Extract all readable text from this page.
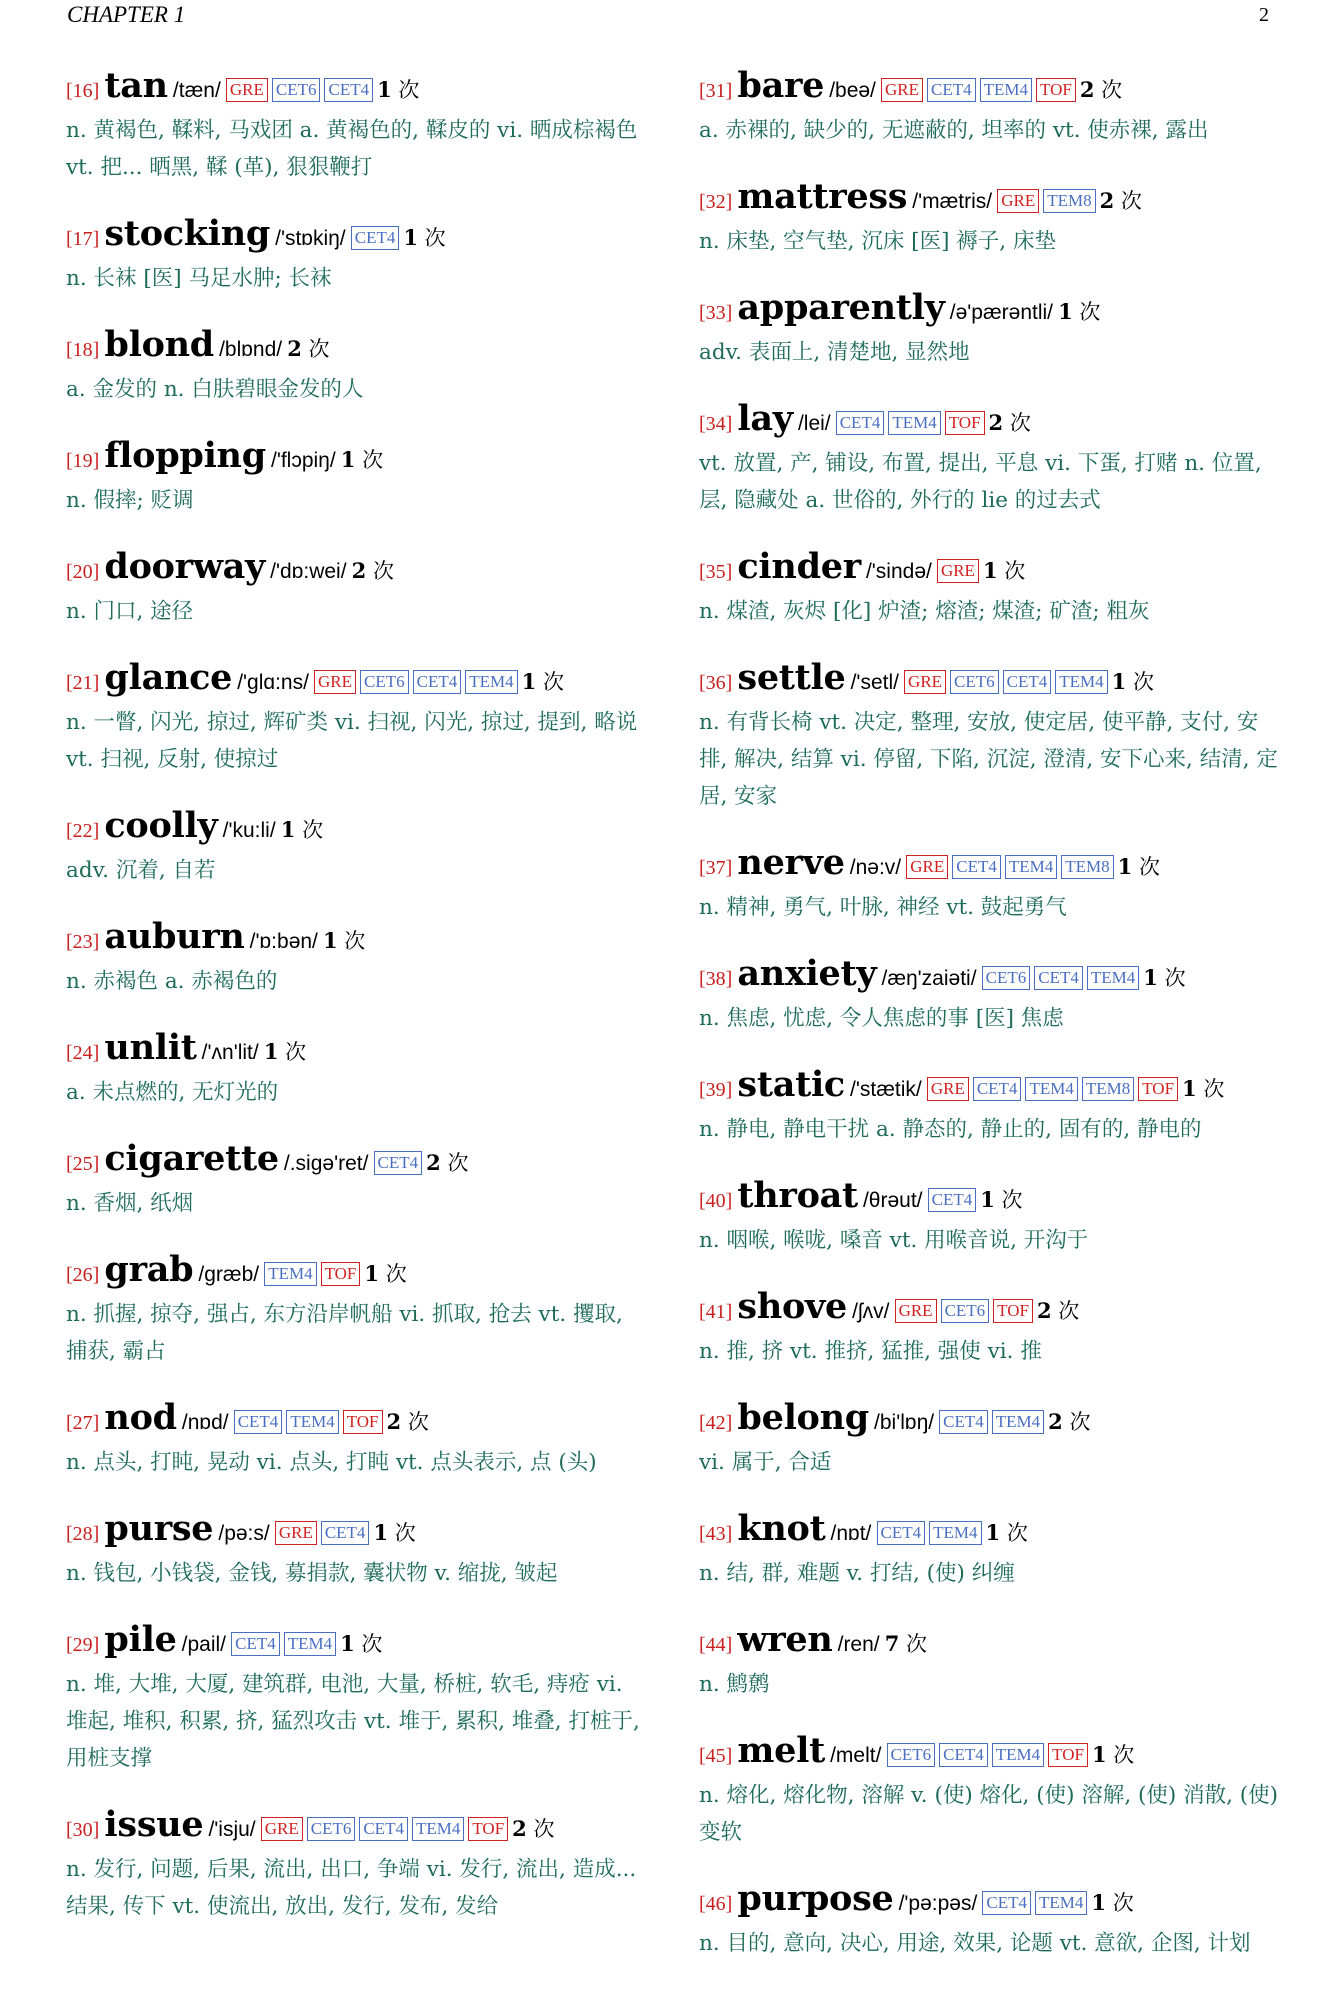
CHAPTER 1	2
[16] tan /tæn/ GRE CET6 CET4 1 次
n. 黄褐色, 鞣料, 马戏团 a. 黄褐色的, 鞣皮的 vi. 晒成棕褐色 vt. 把... 晒黑, 鞣 (革), 狠狠鞭打
[17] stocking /'stɒkiŋ/ CET4 1 次
n. 长袜 [医] 马足水肿; 长袜
[18] blond /blɒnd/ 2 次
a. 金发的 n. 白肤碧眼金发的人
[19] flopping /'flɔpiŋ/ 1 次
n. 假摔; 贬调
[20] doorway /'dɒ:wei/ 2 次
n. 门口, 途径
[21] glance /'glɑ:ns/ GRE CET6 CET4 TEM4 1 次
n. 一瞥, 闪光, 掠过, 辉矿类 vi. 扫视, 闪光, 掠过, 提到, 略说 vt. 扫视, 反射, 使掠过
[22] coolly /'ku:li/ 1 次
adv. 沉着, 自若
[23] auburn /'ɒ:bən/ 1 次
n. 赤褐色 a. 赤褐色的
[24] unlit /'ʌn'lit/ 1 次
a. 未点燃的, 无灯光的
[25] cigarette /.sigə'ret/ CET4 2 次
n. 香烟, 纸烟
[26] grab /græb/ TEM4 TOF 1 次
n. 抓握, 掠夺, 强占, 东方沿岸帆船 vi. 抓取, 抢去 vt. 攫取, 捕获, 霸占
[27] nod /nɒd/ CET4 TEM4 TOF 2 次
n. 点头, 打盹, 晃动 vi. 点头, 打盹 vt. 点头表示, 点 (头)
[28] purse /pə:s/ GRE CET4 1 次
n. 钱包, 小钱袋, 金钱, 募捐款, 囊状物 v. 缩拢, 皱起
[29] pile /pail/ CET4 TEM4 1 次
n. 堆, 大堆, 大厦, 建筑群, 电池, 大量, 桥桩, 软毛, 痔疮 vi. 堆起, 堆积, 积累, 挤, 猛烈攻击 vt. 堆于, 累积, 堆叠, 打桩于, 用桩支撑
[30] issue /'isju/ GRE CET6 CET4 TEM4 TOF 2 次
n. 发行, 问题, 后果, 流出, 出口, 争端 vi. 发行, 流出, 造成... 结果, 传下 vt. 使流出, 放出, 发行, 发布, 发给
[31] bare /beə/ GRE CET4 TEM4 TOF 2 次
a. 赤裸的, 缺少的, 无遮蔽的, 坦率的 vt. 使赤裸, 露出
[32] mattress /'mætris/ GRE TEM8 2 次
n. 床垫, 空气垫, 沉床 [医] 褥子, 床垫
[33] apparently /ə'pærəntli/ 1 次
adv. 表面上, 清楚地, 显然地
[34] lay /lei/ CET4 TEM4 TOF 2 次
vt. 放置, 产, 铺设, 布置, 提出, 平息 vi. 下蛋, 打赌 n. 位置, 层, 隐藏处 a. 世俗的, 外行的 lie 的过去式
[35] cinder /'sində/ GRE 1 次
n. 煤渣, 灰烬 [化] 炉渣; 熔渣; 煤渣; 矿渣; 粗灰
[36] settle /'setl/ GRE CET6 CET4 TEM4 1 次
n. 有背长椅 vt. 决定, 整理, 安放, 使定居, 使平静, 支付, 安排, 解决, 结算 vi. 停留, 下陷, 沉淀, 澄清, 安下心来, 结清, 定居, 安家
[37] nerve /nə:v/ GRE CET4 TEM4 TEM8 1 次
n. 精神, 勇气, 叶脉, 神经 vt. 鼓起勇气
[38] anxiety /æŋ'zaiəti/ CET6 CET4 TEM4 1 次
n. 焦虑, 忧虑, 令人焦虑的事 [医] 焦虑
[39] static /'stætik/ GRE CET4 TEM4 TEM8 TOF 1 次
n. 静电, 静电干扰 a. 静态的, 静止的, 固有的, 静电的
[40] throat /θrəut/ CET4 1 次
n. 咽喉, 喉咙, 嗓音 vt. 用喉音说, 开沟于
[41] shove /ʃʌv/ GRE CET6 TOF 2 次
n. 推, 挤 vt. 推挤, 猛推, 强使 vi. 推
[42] belong /bi'lɒŋ/ CET4 TEM4 2 次
vi. 属于, 合适
[43] knot /nɒt/ CET4 TEM4 1 次
n. 结, 群, 难题 v. 打结, (使) 纠缠
[44] wren /ren/ 7 次
n. 鹪鹩
[45] melt /melt/ CET6 CET4 TEM4 TOF 1 次
n. 熔化, 熔化物, 溶解 v. (使) 熔化, (使) 溶解, (使) 消散, (使) 变软
[46] purpose /'pə:pəs/ CET4 TEM4 1 次
n. 目的, 意向, 决心, 用途, 效果, 论题 vt. 意欲, 企图, 计划
